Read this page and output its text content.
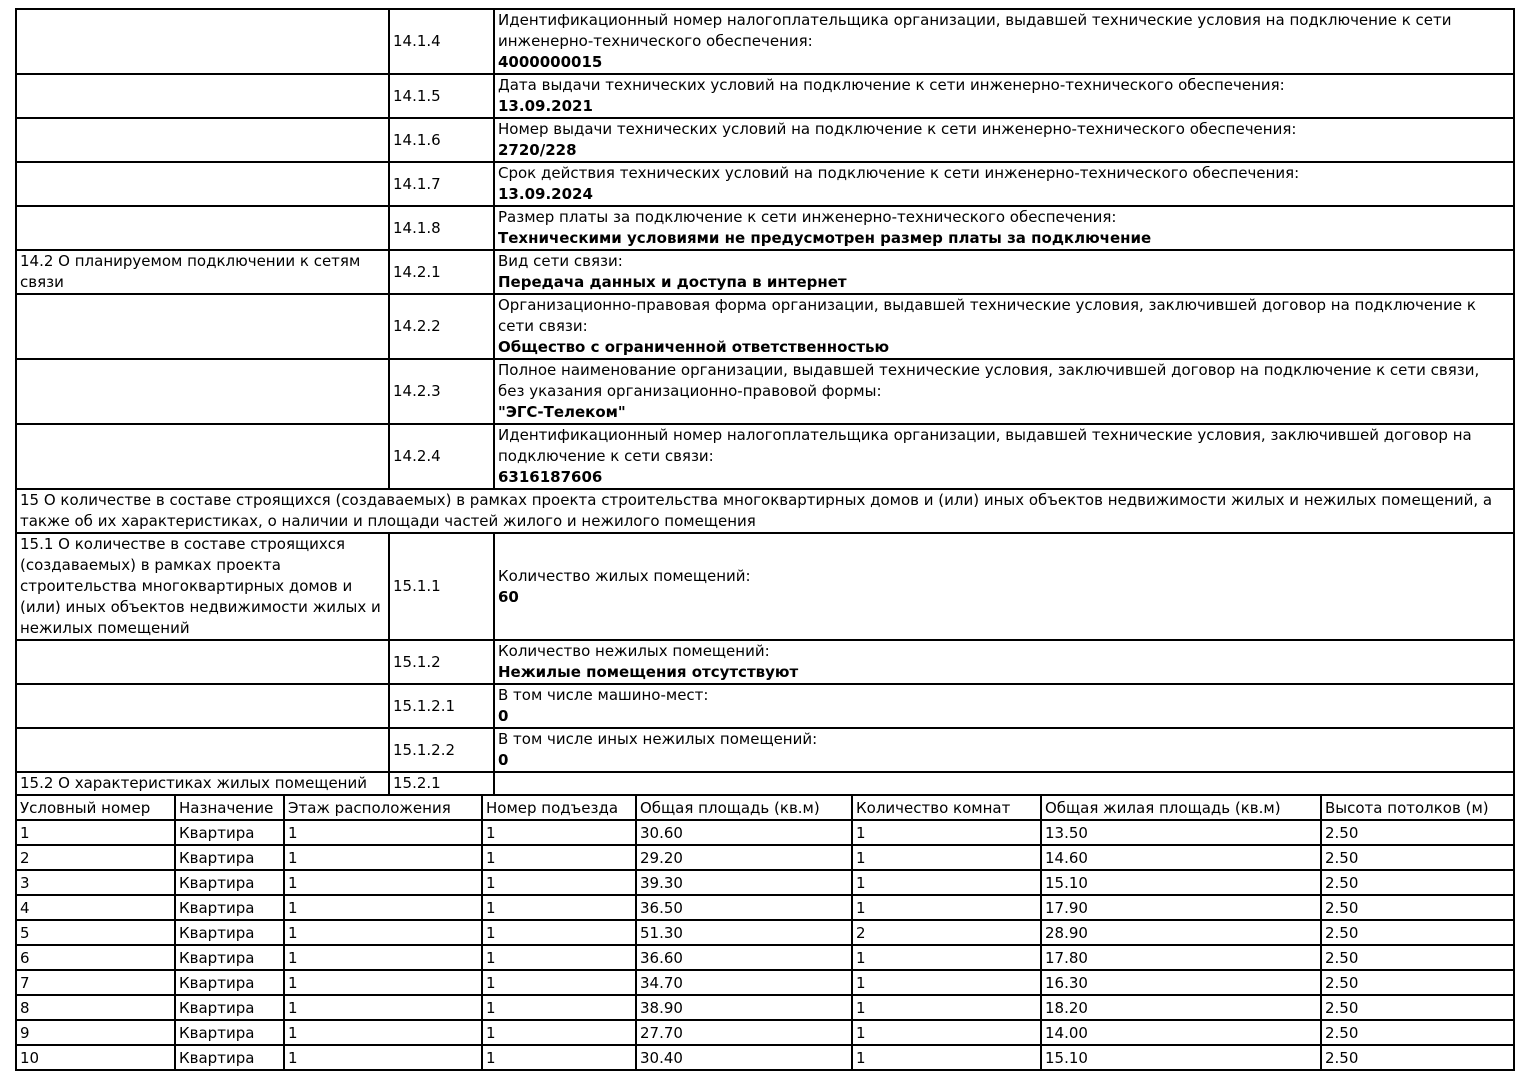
	14.1.4	Идентификационный номер налогоплательщика организации, выдавшей технические условия на подключение к сети инженерно-технического обеспечения:
4000000015

	14.1.5	Дата выдачи технических условий на подключение к сети инженерно-технического обеспечения:
13.09.2021

	14.1.6	Номер выдачи технических условий на подключение к сети инженерно-технического обеспечения:
2720/228

	14.1.7	Срок действия технических условий на подключение к сети инженерно-технического обеспечения:
13.09.2024

	14.1.8	Размер платы за подключение к сети инженерно-технического обеспечения:
Техническими условиями не предусмотрен размер платы за подключение

14.2 О планируемом подключении к сетям связи	14.2.1	Вид сети связи:
Передача данных и доступа в интернет

	14.2.2	Организационно-правовая форма организации, выдавшей технические условия, заключившей договор на подключение к сети связи:
Общество с ограниченной ответственностью

	14.2.3	Полное наименование организации, выдавшей технические условия, заключившей договор на подключение к сети связи, без указания организационно-правовой формы:
"ЭГС-Телеком"

	14.2.4	Идентификационный номер налогоплательщика организации, выдавшей технические условия, заключившей договор на подключение к сети связи:
6316187606

15 О количестве в составе строящихся (создаваемых) в рамках проекта строительства многоквартирных домов и (или) иных объектов недвижимости жилых и нежилых помещений, а также об их характеристиках, о наличии и площади частей жилого и нежилого помещения		
15.1 О количестве в составе строящихся (создаваемых) в рамках проекта строительства многоквартирных домов и (или) иных объектов недвижимости жилых и нежилых помещений	15.1.1	Количество жилых помещений:
60

	15.1.2	Количество нежилых помещений:
Нежилые помещения отсутствуют

	15.1.2.1	В том числе машино-мест:
0

	15.1.2.2	В том числе иных нежилых помещений:
0

15.2 О характеристиках жилых помещений	15.2.1	
Условный номер	Назначение	Этаж расположения	Номер подъезда	Общая площадь (кв.м)	Количество комнат	Общая жилая площадь (кв.м)	Высота потолков (м)
1	Квартира	1	1	30.60	1	13.50	2.50
2	Квартира	1	1	29.20	1	14.60	2.50
3	Квартира	1	1	39.30	1	15.10	2.50
4	Квартира	1	1	36.50	1	17.90	2.50
5	Квартира	1	1	51.30	2	28.90	2.50
6	Квартира	1	1	36.60	1	17.80	2.50
7	Квартира	1	1	34.70	1	16.30	2.50
8	Квартира	1	1	38.90	1	18.20	2.50
9	Квартира	1	1	27.70	1	14.00	2.50
10	Квартира	1	1	30.40	1	15.10	2.50
